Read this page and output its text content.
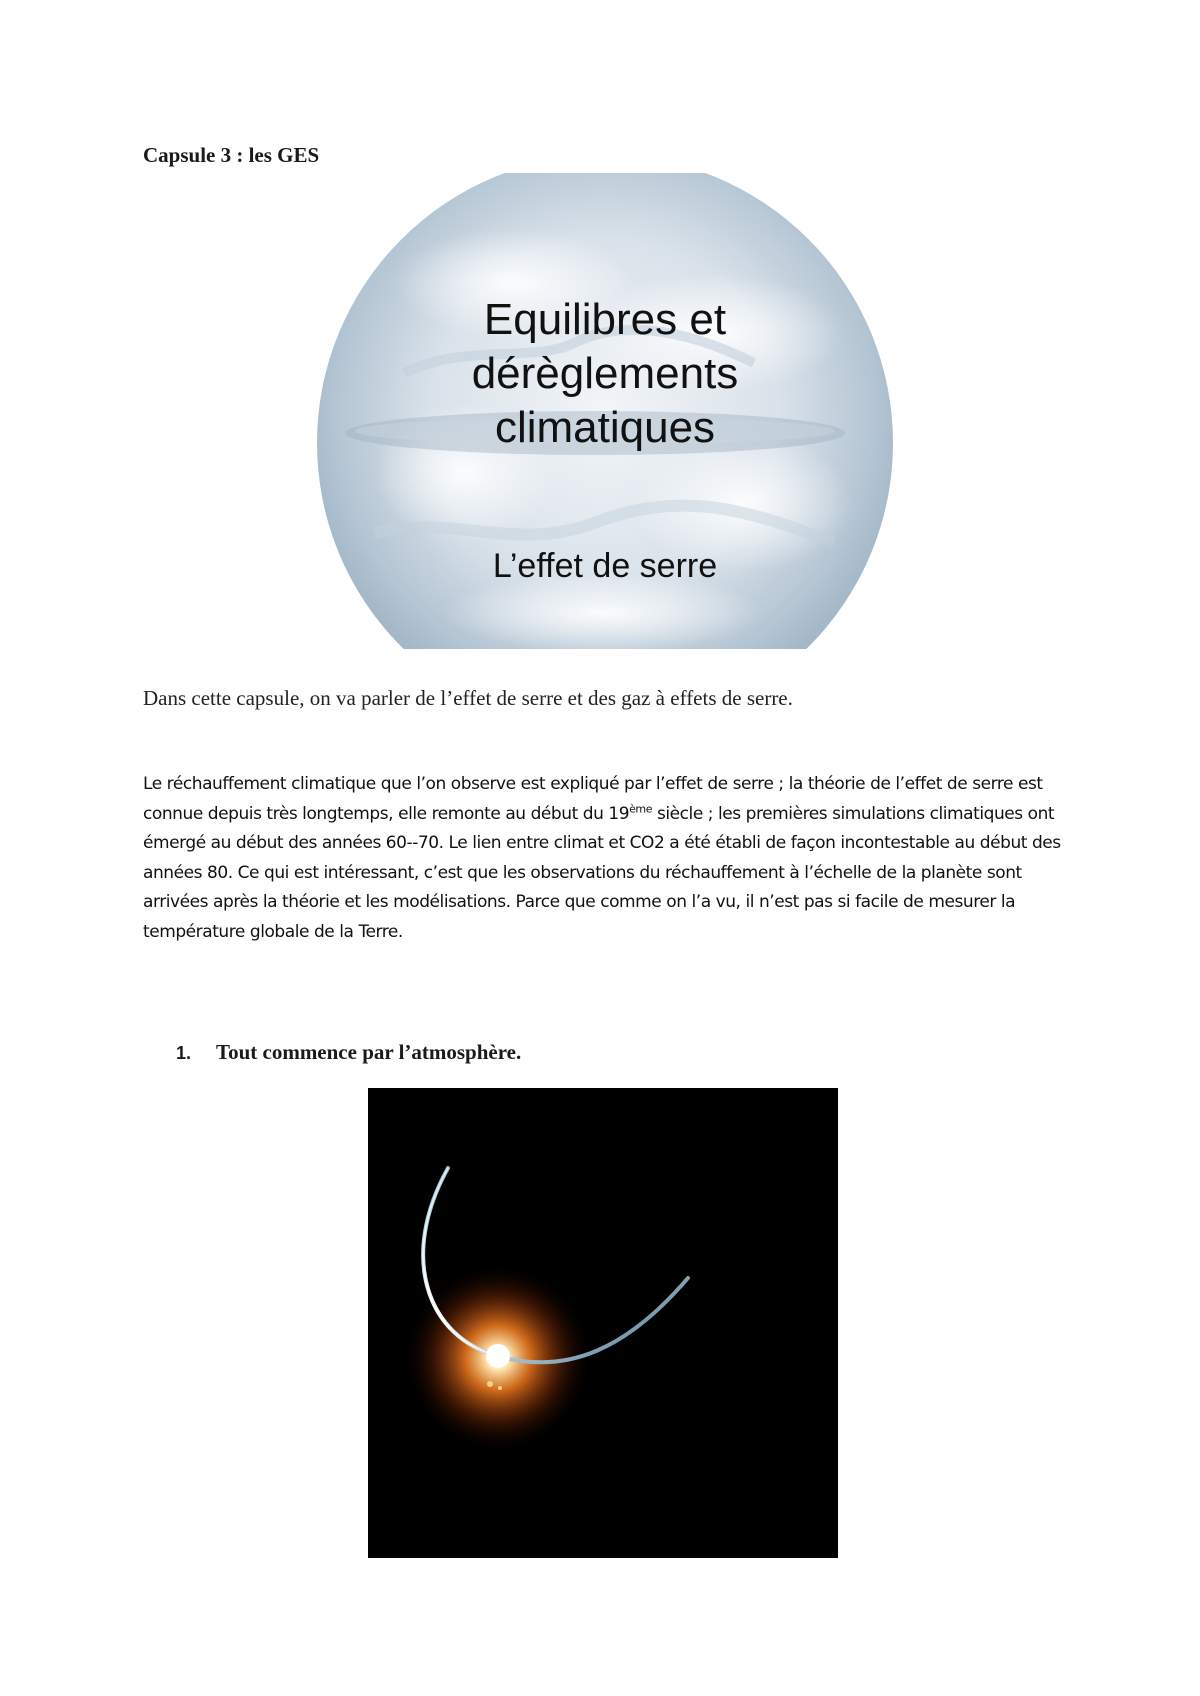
Capsule 3 : les GES
Equilibres et
dérèglements
climatiques
L’effet de serre

Dans cette capsule, on va parler de l’effet de serre et des gaz à effets de serre.

Le réchauffement climatique que l’on observe est expliqué par l’effet de serre ; la théorie de l’effet de serre est connue depuis très longtemps, elle remonte au début du 19ème siècle ; les premières simulations climatiques ont émergé au début des années 60--70. Le lien entre climat et CO2 a été établi de façon incontestable au début des années 80. Ce qui est intéressant, c’est que les observations du réchauffement à l’échelle de la planète sont arrivées après la théorie et les modélisations. Parce que comme on l’a vu, il n’est pas si facile de mesurer la température globale de la Terre.

1. Tout commence par l’atmosphère.
